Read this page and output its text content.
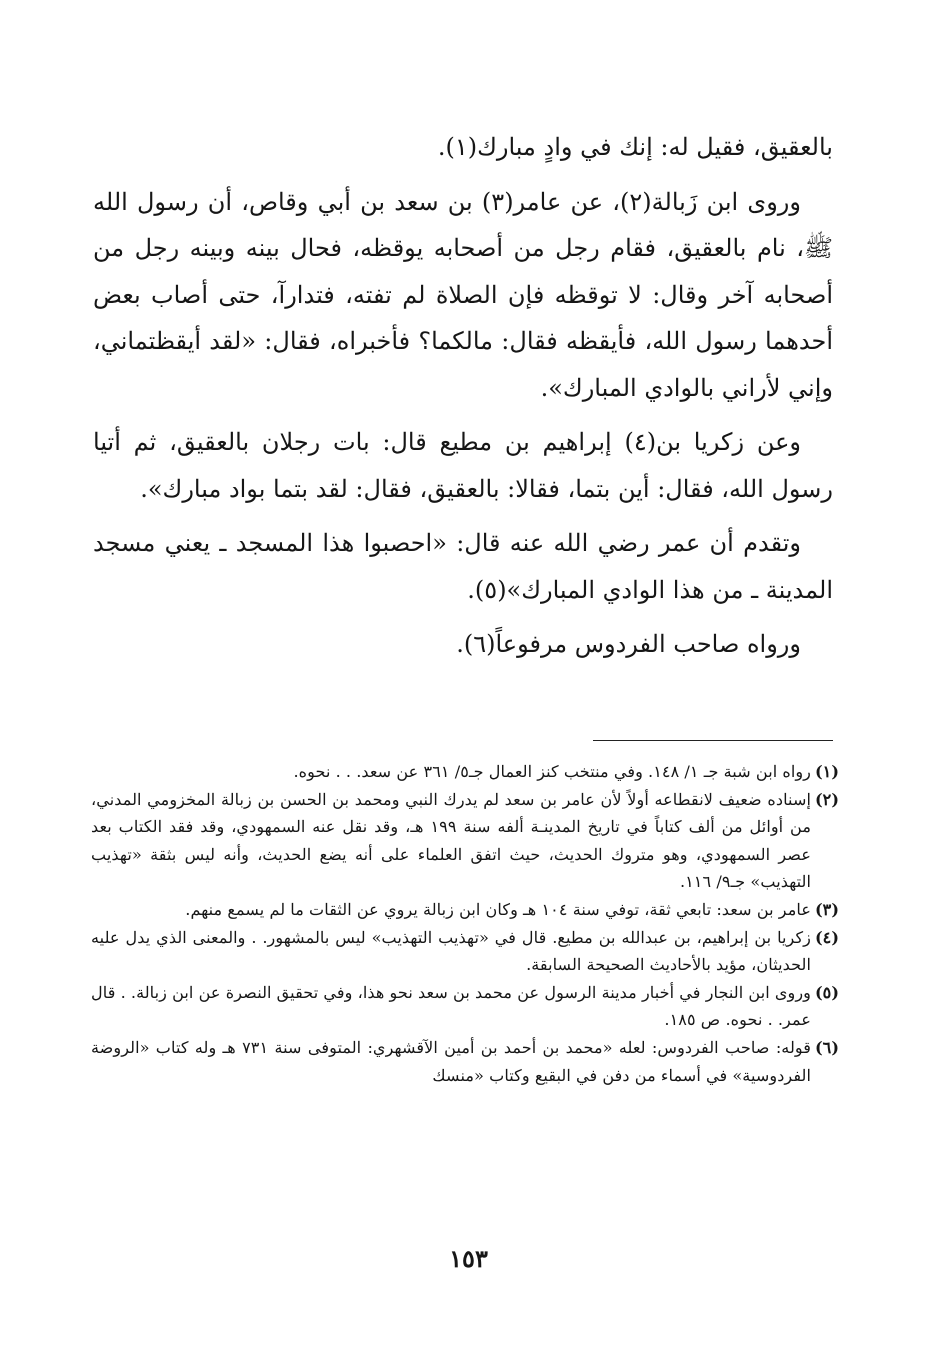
بالعقيق، فقيل له: إنك في وادٍ مبارك(١).

وروى ابن زَبالة(٢)، عن عامر(٣) بن سعد بن أبي وقاص، أن رسول الله ﷺ، نام بالعقيق، فقام رجل من أصحابه يوقظه، فحال بينه وبينه رجل من أصحابه آخر وقال: لا توقظه فإن الصلاة لم تفته، فتدارآ، حتى أصاب بعض أحدهما رسول الله، فأيقظه فقال: مالكما؟ فأخبراه، فقال: «لقد أيقظتماني، وإني لأراني بالوادي المبارك».

وعن زكريا بن(٤) إبراهيم بن مطيع قال: بات رجلان بالعقيق، ثم أتيا رسول الله، فقال: أين بتما، فقالا: بالعقيق، فقال: لقد بتما بواد مبارك».

وتقدم أن عمر رضي الله عنه قال: «احصبوا هذا المسجد ـ يعني مسجد المدينة ـ من هذا الوادي المبارك»(٥).

ورواه صاحب الفردوس مرفوعاً(٦).

(١)
رواه ابن شبة جـ ١/ ١٤٨. وفي منتخب كنز العمال جـ٥/ ٣٦١ عن سعد. . . نحوه.
(٢)
إسناده ضعيف لانقطاعه أولاً لأن عامر بن سعد لم يدرك النبي ومحمد بن الحسن بن زبالة المخزومي المدني، من أوائل من ألف كتاباً في تاريخ المدينـة ألفه سنة ١٩٩ هـ، وقد نقل عنه السمهودي، وقد فقد الكتاب بعد عصر السمهودي، وهو متروك الحديث، حيث اتفق العلماء على أنه يضع الحديث، وأنه ليس بثقة «تهذيب التهذيب» جـ٩/ ١١٦.
(٣)
عامر بن سعد: تابعي ثقة، توفي سنة ١٠٤ هـ وكان ابن زبالة يروي عن الثقات ما لم يسمع منهم.
(٤)
زكريا بن إبراهيم، بن عبدالله بن مطيع. قال في «تهذيب التهذيب» ليس بالمشهور. . والمعنى الذي يدل عليه الحديثان، مؤيد بالأحاديث الصحيحة السابقة.
(٥)
وروى ابن النجار في أخبار مدينة الرسول عن محمد بن سعد نحو هذا، وفي تحقيق النصرة عن ابن زبالة. . قال عمر. . نحوه. ص ١٨٥.
(٦)
قوله: صاحب الفردوس: لعله «محمد بن أحمد بن أمين الآقشهري: المتوفى سنة ٧٣١ هـ وله كتاب «الروضة الفردوسية» في أسماء من دفن في البقيع وكتاب «منسك
١٥٣
